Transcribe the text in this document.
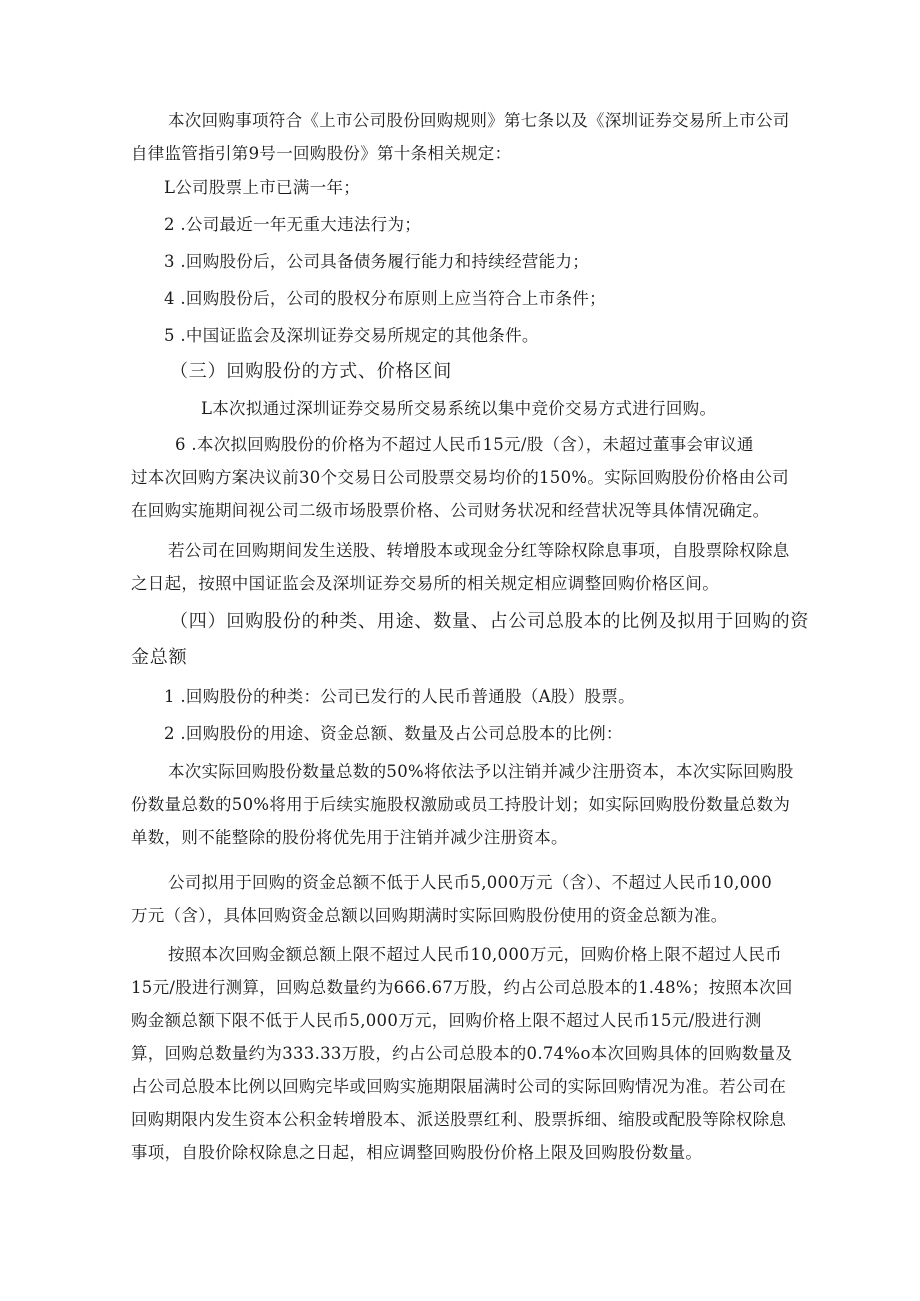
本次回购事项符合《上市公司股份回购规则》第七条以及《深圳证券交易所上市公司
自律监管指引第9号一回购股份》第十条相关规定：
L公司股票上市已满一年；
2 .公司最近一年无重大违法行为；
3 .回购股份后，公司具备债务履行能力和持续经营能力；
4 .回购股份后，公司的股权分布原则上应当符合上市条件；
5 .中国证监会及深圳证券交易所规定的其他条件。
（三）回购股份的方式、价格区间
L本次拟通过深圳证券交易所交易系统以集中竞价交易方式进行回购。
6 .本次拟回购股份的价格为不超过人民币15元/股（含），未超过董事会审议通
过本次回购方案决议前30个交易日公司股票交易均价的150%。实际回购股份价格由公司
在回购实施期间视公司二级市场股票价格、公司财务状况和经营状况等具体情况确定。
若公司在回购期间发生送股、转增股本或现金分红等除权除息事项，自股票除权除息
之日起，按照中国证监会及深圳证券交易所的相关规定相应调整回购价格区间。
（四）回购股份的种类、用途、数量、占公司总股本的比例及拟用于回购的资
金总额
1 .回购股份的种类：公司已发行的人民币普通股（A股）股票。
2 .回购股份的用途、资金总额、数量及占公司总股本的比例：
本次实际回购股份数量总数的50%将依法予以注销并减少注册资本，本次实际回购股
份数量总数的50%将用于后续实施股权激励或员工持股计划；如实际回购股份数量总数为
单数，则不能整除的股份将优先用于注销并减少注册资本。
公司拟用于回购的资金总额不低于人民币5,000万元（含）、不超过人民币10,000
万元（含），具体回购资金总额以回购期满时实际回购股份使用的资金总额为准。
按照本次回购金额总额上限不超过人民币10,000万元，回购价格上限不超过人民币
15元/股进行测算，回购总数量约为666.67万股，约占公司总股本的1.48%；按照本次回
购金额总额下限不低于人民币5,000万元，回购价格上限不超过人民币15元/股进行测
算，回购总数量约为333.33万股，约占公司总股本的0.74%o本次回购具体的回购数量及
占公司总股本比例以回购完毕或回购实施期限届满时公司的实际回购情况为准。若公司在
回购期限内发生资本公积金转增股本、派送股票红利、股票拆细、缩股或配股等除权除息
事项，自股价除权除息之日起，相应调整回购股份价格上限及回购股份数量。
